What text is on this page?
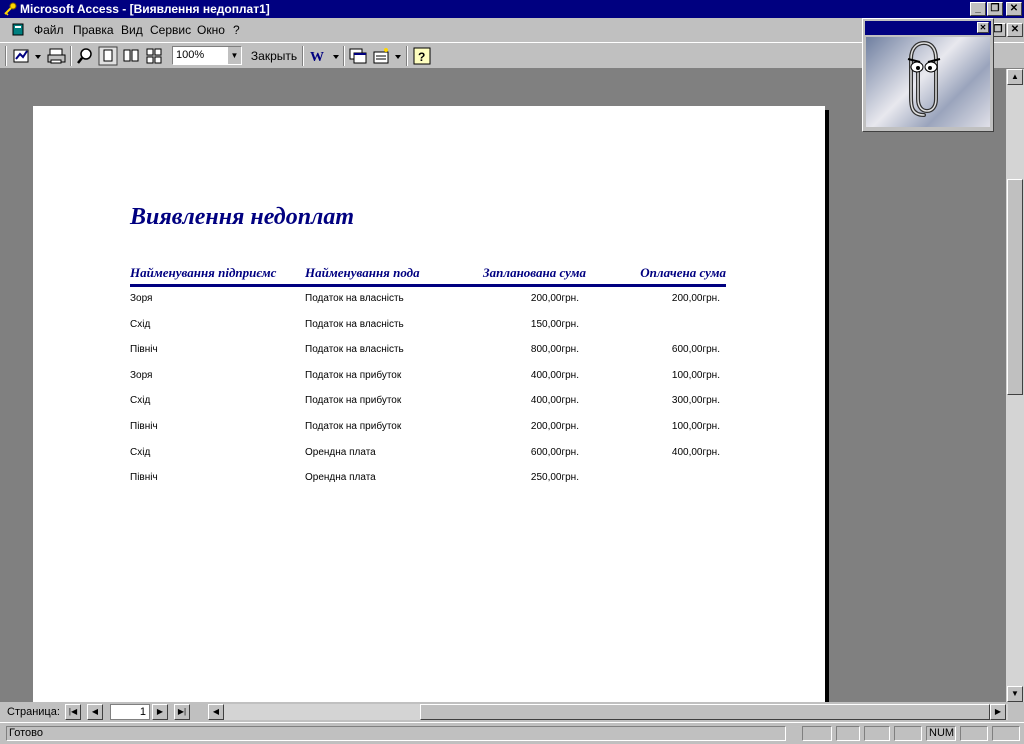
Microsoft Access - [Виявлення недоплат1]	_ ❐	✕
Файл Правка Вид Сервис Окно ?	❐ ✕
100%	▼ Закрыть W	?
Виявлення недоплат
Найменування підприємс	Найменування пода	Запланована сума	Оплачена сума
Зоря	Податок на власність	200,00грн.	200,00грн.
Схід	Податок на власність	150,00грн.
Північ	Податок на власність	800,00грн.	600,00грн.
Зоря	Податок на прибуток	400,00грн.	100,00грн.
Схід	Податок на прибуток	400,00грн.	300,00грн.
Північ	Податок на прибуток	200,00грн.	100,00грн.
Схід	Орендна плата	600,00грн.	400,00грн.
Північ	Орендна плата	250,00грн.
▲
▼
Страница:	|◀	◀	1	▶	▶|	◀	▶
Готово	NUM
✕
